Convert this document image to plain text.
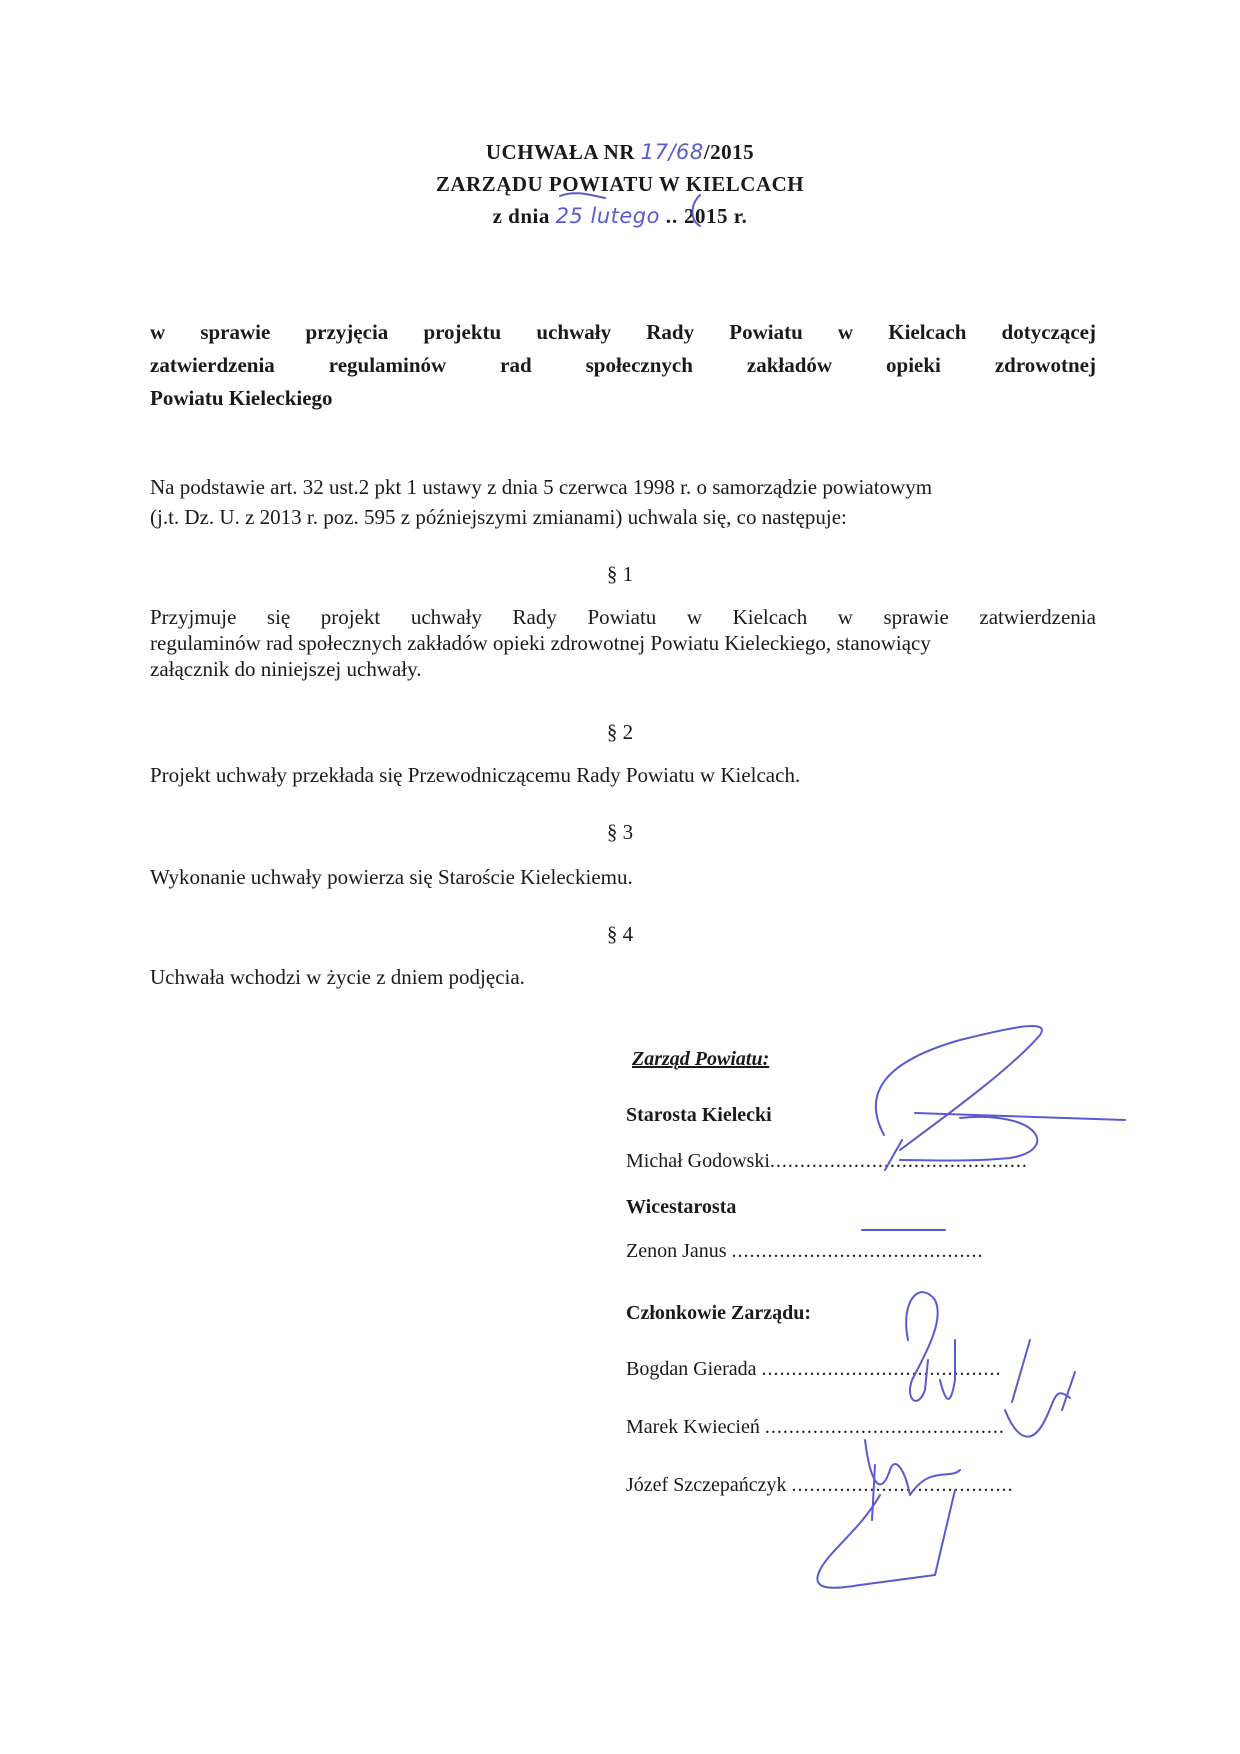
UCHWAŁA NR 17/68/2015
ZARZĄDU POWIATU W KIELCACH
z dnia 25 lutego .. 2015 r.
w sprawie przyjęcia projektu uchwały Rady Powiatu w Kielcach dotyczącej
zatwierdzenia	regulaminów	rad	społecznych	zakładów	opieki	zdrowotnej
Powiatu Kieleckiego
Na podstawie art. 32 ust.2 pkt 1 ustawy z dnia 5 czerwca 1998 r. o samorządzie powiatowym
(j.t. Dz. U. z 2013 r. poz. 595 z późniejszymi zmianami) uchwala się, co następuje:
§ 1
Przyjmuje się projekt uchwały Rady Powiatu w Kielcach w sprawie zatwierdzenia
regulaminów rad społecznych zakładów opieki zdrowotnej Powiatu Kieleckiego, stanowiący
załącznik do niniejszej uchwały.
§ 2
Projekt uchwały przekłada się Przewodniczącemu Rady Powiatu w Kielcach.
§ 3
Wykonanie uchwały powierza się Staroście Kieleckiemu.
§ 4
Uchwała wchodzi w życie z dniem podjęcia.
Zarząd Powiatu:
Starosta Kielecki
Michał Godowski...........................................
Wicestarosta
Zenon Janus ..........................................
Członkowie Zarządu:
Bogdan Gierada ........................................
Marek Kwiecień ........................................
Józef Szczepańczyk .....................................
